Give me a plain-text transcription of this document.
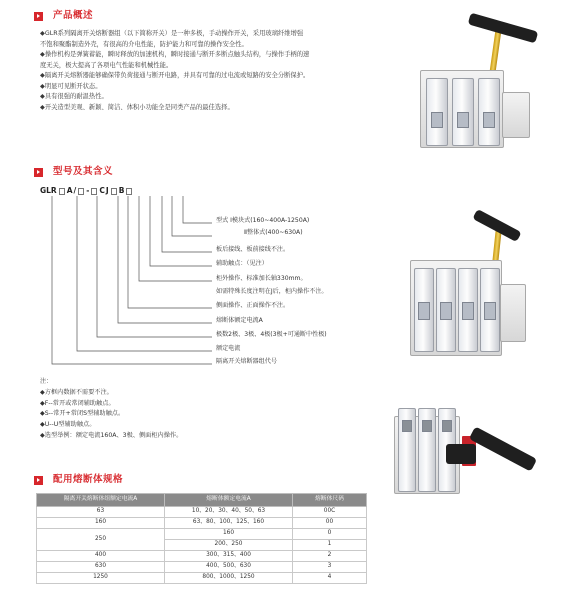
产品概述

◆GLR系列隔离开关熔断器组（以下简称开关）是一种多极，手动操作开关，采用玻璃纤维增强

不饱和聚酯制造外壳，有很高的介电性能，防护能力和可靠的操作安全性。

◆操作机构是弹簧蓄能，瞬时释放的加速机构，瞬时接通与断开多断点触头结构，与操作手柄的速

度无关，极大提高了各项电气性能和机械性能。

◆隔离开关熔断器能够确保带负荷接通与断开电路，并具有可靠的过电流或短路的安全分断保护。

◆明显可见断开状态。

◆具有很强的耐温热性。

◆开关造型美观、新颖、简洁、体积小功能全是同类产品的最佳选择。

型号及其含义
GLR A / - C J B
型式 Ⅰ模块式(160~400A-1250A)
Ⅱ整体式(400~630A)
板后接线、板前接线不注。
辅助触点：（见注）
柜外操作、标准加长轴330mm。
如需特殊长度注明在J后，柜内操作不注。
侧面操作、正面操作不注。
熔断体额定电流A
极数2极、3极、4极(3极+可通断中性极)
额定电流
隔离开关熔断器组代号

注：

◆方框内数据不需要不注。

◆F--常开或常闭辅助触点。

◆S--常开+常闭S型辅助触点。

◆U--U型辅助触点。

◆选型举例：额定电流160A、3极、侧面柜内操作。

配用熔断体规格
隔离开关熔断体组额定电流A	熔断体额定电流A	熔断体尺码
63	10、20、30、40、50、63	00C
160	63、80、100、125、160	00
250	160	0
	200、250	1
400	300、315、400	2
630	400、500、630	3
1250	800、1000、1250	4
